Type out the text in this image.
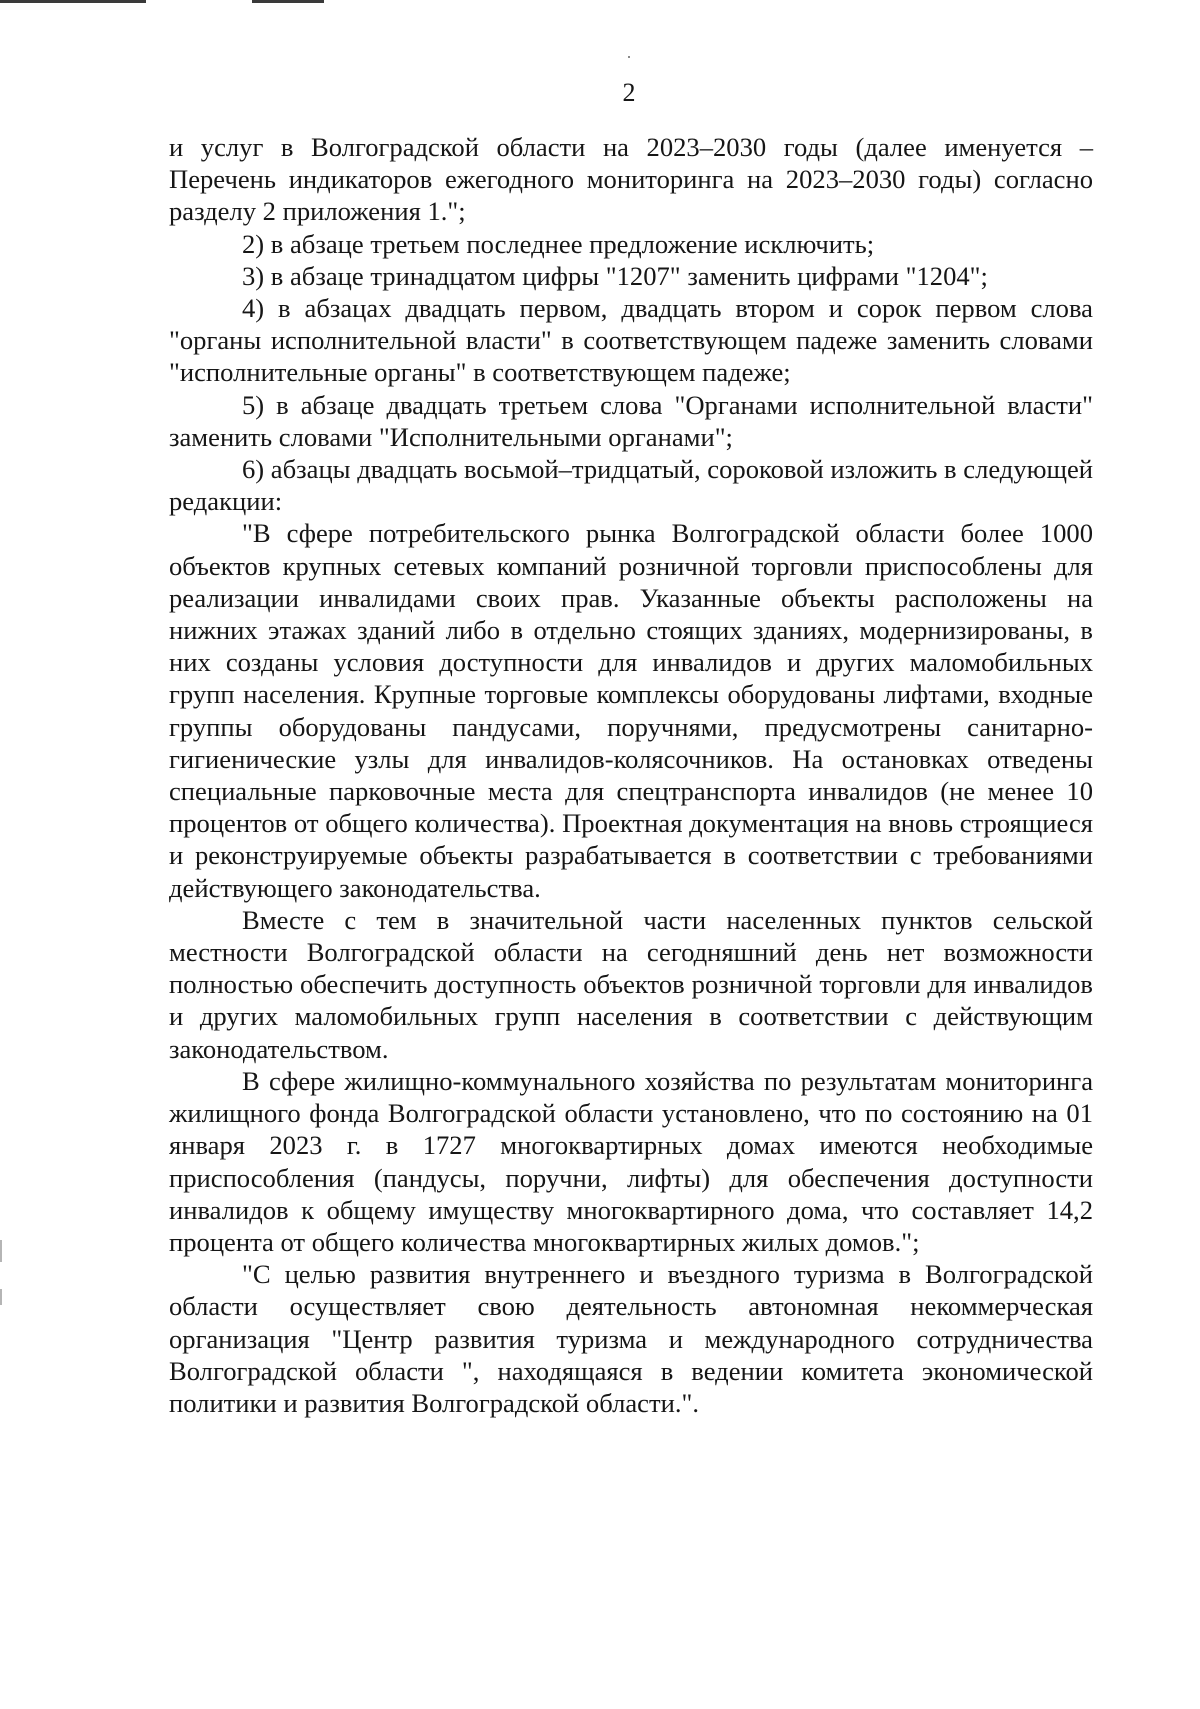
2

и услуг в Волгоградской области на 2023–2030 годы (далее именуется – Перечень индикаторов ежегодного мониторинга на 2023–2030 годы) согласно разделу 2 приложения 1.";

2) в абзаце третьем последнее предложение исключить;

3) в абзаце тринадцатом цифры "1207" заменить цифрами "1204";

4) в абзацах двадцать первом, двадцать втором и сорок первом слова "органы исполнительной власти" в соответствующем падеже заменить словами "исполнительные органы" в соответствующем падеже;

5) в абзаце двадцать третьем слова "Органами исполнительной власти" заменить словами "Исполнительными органами";

6) абзацы двадцать восьмой–тридцатый, сороковой изложить в следующей редакции:

"В сфере потребительского рынка Волгоградской области более 1000 объектов крупных сетевых компаний розничной торговли приспособлены для реализации инвалидами своих прав. Указанные объекты расположены на нижних этажах зданий либо в отдельно стоящих зданиях, модернизированы, в них созданы условия доступности для инвалидов и других маломобильных групп населения. Крупные торговые комплексы оборудованы лифтами, входные группы оборудованы пандусами, поручнями, предусмотрены санитарно-гигиенические узлы для инвалидов-колясочников. На остановках отведены специальные парковочные места для спецтранспорта инвалидов (не менее 10 процентов от общего количества). Проектная документация на вновь строящиеся и реконструируемые объекты разрабатывается в соответствии с требованиями действующего законодательства.

Вместе с тем в значительной части населенных пунктов сельской местности Волгоградской области на сегодняшний день нет возможности полностью обеспечить доступность объектов розничной торговли для инвалидов и других маломобильных групп населения в соответствии с действующим законодательством.

В сфере жилищно-коммунального хозяйства по результатам мониторинга жилищного фонда Волгоградской области установлено, что по состоянию на 01 января 2023 г. в 1727 многоквартирных домах имеются необходимые приспособления (пандусы, поручни, лифты) для обеспечения доступности инвалидов к общему имуществу многоквартирного дома, что составляет 14,2 процента от общего количества многоквартирных жилых домов.";

"С целью развития внутреннего и въездного туризма в Волгоградской области осуществляет свою деятельность автономная некоммерческая организация "Центр развития туризма и международного сотрудничества Волгоградской области ", находящаяся в ведении комитета экономической политики и развития Волгоградской области.".
